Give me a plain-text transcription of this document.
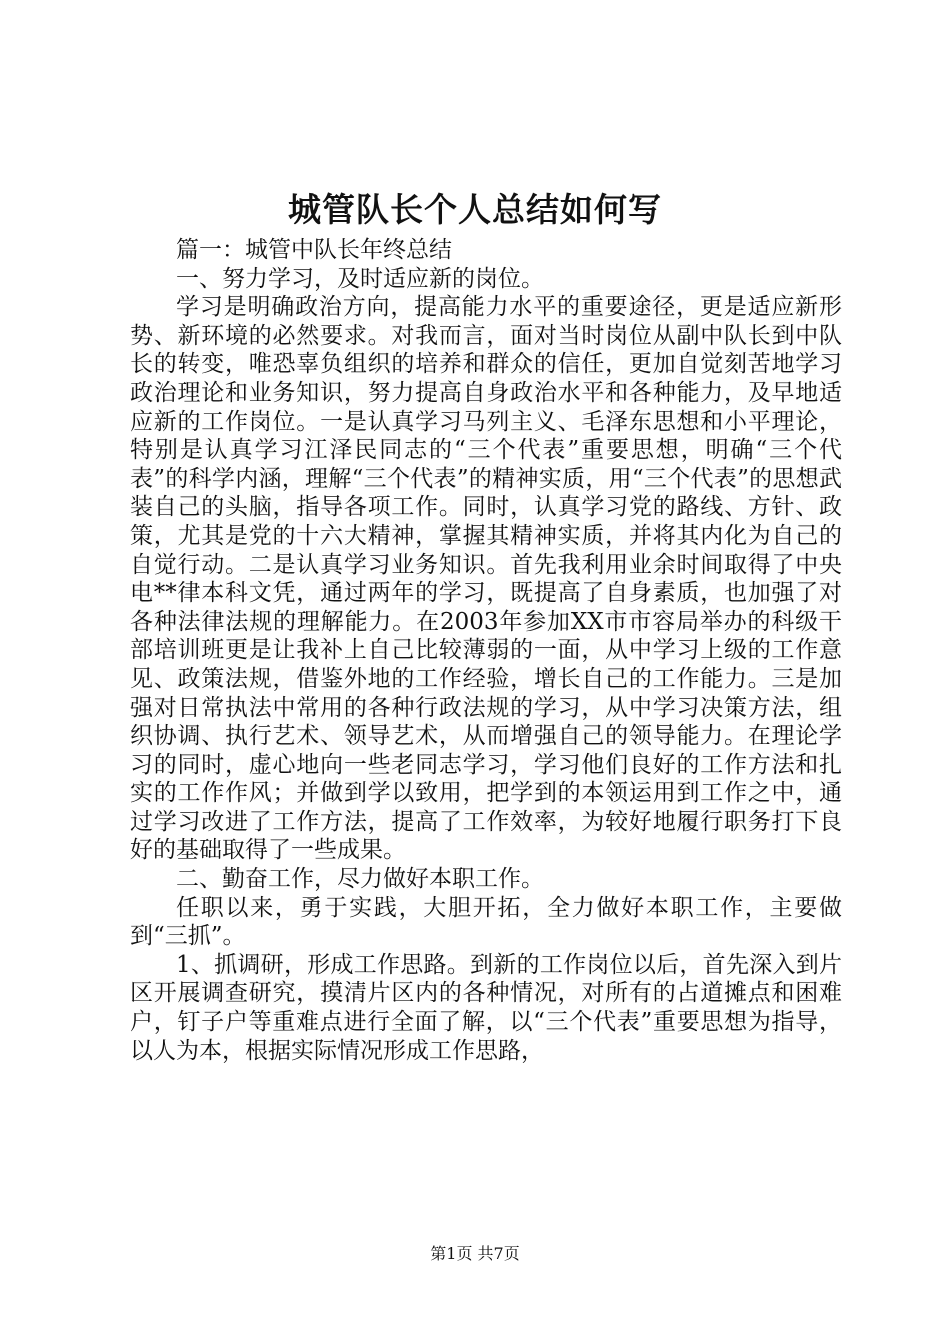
城管队长个人总结如何写

篇一：城管中队长年终总结

一、努力学习，及时适应新的岗位。

学习是明确政治方向，提高能力水平的重要途径，更是适应新形势、新环境的必然要求。对我而言，面对当时岗位从副中队长到中队长的转变，唯恐辜负组织的培养和群众的信任，更加自觉刻苦地学习政治理论和业务知识，努力提高自身政治水平和各种能力，及早地适应新的工作岗位。一是认真学习马列主义、毛泽东思想和小平理论，特别是认真学习江泽民同志的“三个代表”重要思想，明确“三个代表”的科学内涵，理解“三个代表”的精神实质，用“三个代表”的思想武装自己的头脑，指导各项工作。同时，认真学习党的路线、方针、政策，尤其是党的十六大精神，掌握其精神实质，并将其内化为自己的自觉行动。二是认真学习业务知识。首先我利用业余时间取得了中央电**律本科文凭，通过两年的学习，既提高了自身素质，也加强了对各种法律法规的理解能力。在2003年参加XX市市容局举办的科级干部培训班更是让我补上自己比较薄弱的一面，从中学习上级的工作意见、政策法规，借鉴外地的工作经验，增长自己的工作能力。三是加强对日常执法中常用的各种行政法规的学习，从中学习决策方法，组织协调、执行艺术、领导艺术，从而增强自己的领导能力。在理论学习的同时，虚心地向一些老同志学习，学习他们良好的工作方法和扎实的工作作风；并做到学以致用，把学到的本领运用到工作之中，通过学习改进了工作方法，提高了工作效率，为较好地履行职务打下良好的基础取得了一些成果。

二、勤奋工作，尽力做好本职工作。

任职以来，勇于实践，大胆开拓，全力做好本职工作，主要做到“三抓”。

1、抓调研，形成工作思路。到新的工作岗位以后，首先深入到片区开展调查研究，摸清片区内的各种情况，对所有的占道摊点和困难户，钉子户等重难点进行全面了解，以“三个代表”重要思想为指导，以人为本，根据实际情况形成工作思路，

第1页 共7页
